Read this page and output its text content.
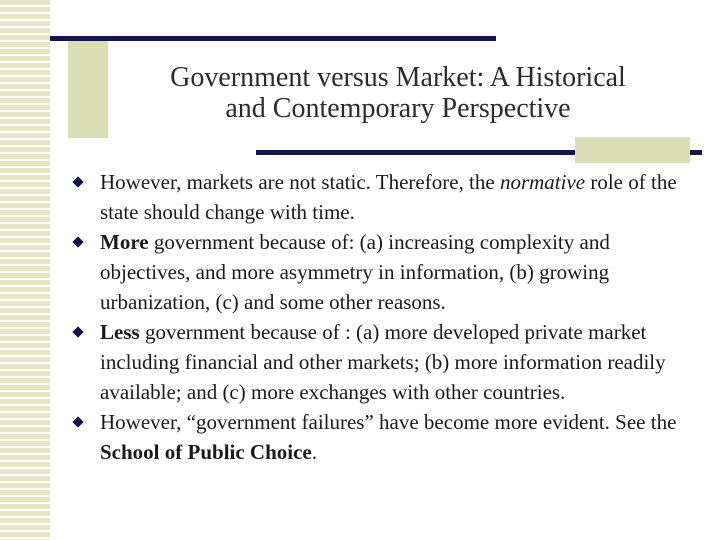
Government versus Market: A Historical
and Contemporary Perspective
However, markets are not static. Therefore, the normative role of the state should change with time.
More government because of: (a) increasing complexity and objectives, and more asymmetry in information, (b) growing urbanization, (c) and some other reasons.
Less government because of : (a) more developed private market including financial and other markets; (b) more information readily available; and (c) more exchanges with other countries.
However, “government failures” have become more evident. See the School of Public Choice.
